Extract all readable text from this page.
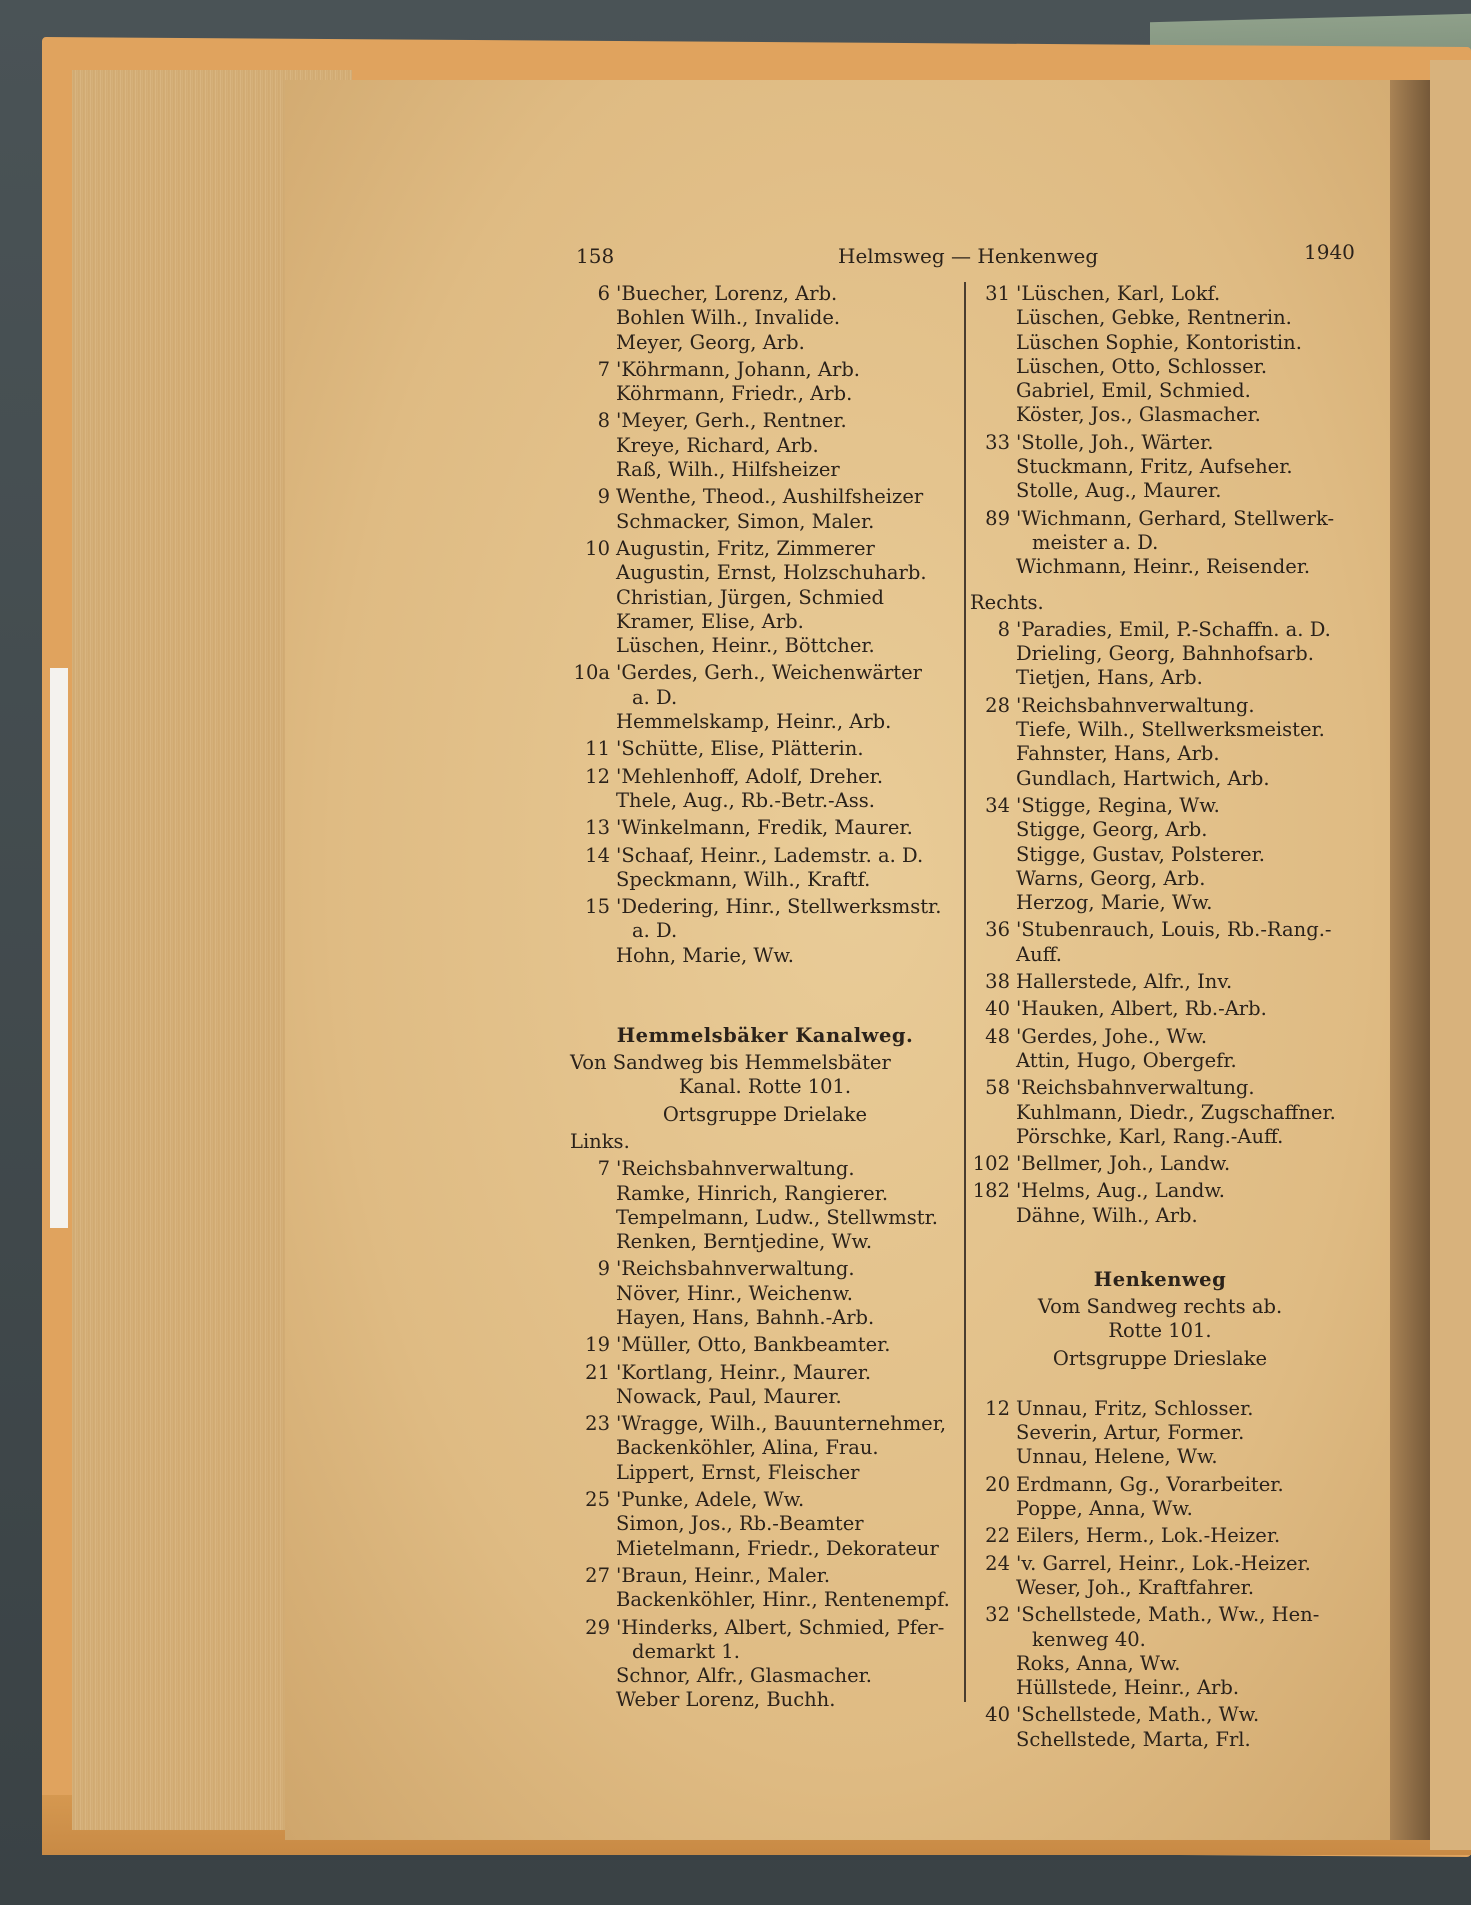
158	Helmsweg — Henkenweg	1940
6 'Buecher, Lorenz, Arb.
Bohlen Wilh., Invalide.
Meyer, Georg, Arb.
7 'Köhrmann, Johann, Arb.
Köhrmann, Friedr., Arb.
8 'Meyer, Gerh., Rentner.
Kreye, Richard, Arb.
Raß, Wilh., Hilfsheizer
9 Wenthe, Theod., Aushilfsheizer
Schmacker, Simon, Maler.
10 Augustin, Fritz, Zimmerer
Augustin, Ernst, Holzschuharb.
Christian, Jürgen, Schmied
Kramer, Elise, Arb.
Lüschen, Heinr., Böttcher.
10a 'Gerdes, Gerh., Weichenwärter
a. D.
Hemmelskamp, Heinr., Arb.
11 'Schütte, Elise, Plätterin.
12 'Mehlenhoff, Adolf, Dreher.
Thele, Aug., Rb.-Betr.-Ass.
13 'Winkelmann, Fredik, Maurer.
14 'Schaaf, Heinr., Lademstr. a. D.
Speckmann, Wilh., Kraftf.
15 'Dedering, Hinr., Stellwerksmstr.
a. D.
Hohn, Marie, Ww.
Hemmelsbäker Kanalweg.
Von Sandweg bis Hemmelsbäter
Kanal. Rotte 101.
Ortsgruppe Drielake
Links.
7 'Reichsbahnverwaltung.
Ramke, Hinrich, Rangierer.
Tempelmann, Ludw., Stellwmstr.
Renken, Berntjedine, Ww.
9 'Reichsbahnverwaltung.
Növer, Hinr., Weichenw.
Hayen, Hans, Bahnh.-Arb.
19 'Müller, Otto, Bankbeamter.
21 'Kortlang, Heinr., Maurer.
Nowack, Paul, Maurer.
23 'Wragge, Wilh., Bauunternehmer,
Backenköhler, Alina, Frau.
Lippert, Ernst, Fleischer
25 'Punke, Adele, Ww.
Simon, Jos., Rb.-Beamter
Mietelmann, Friedr., Dekorateur
27 'Braun, Heinr., Maler.
Backenköhler, Hinr., Rentenempf.
29 'Hinderks, Albert, Schmied, Pfer-
demarkt 1.
Schnor, Alfr., Glasmacher.
Weber Lorenz, Buchh.
31 'Lüschen, Karl, Lokf.
Lüschen, Gebke, Rentnerin.
Lüschen Sophie, Kontoristin.
Lüschen, Otto, Schlosser.
Gabriel, Emil, Schmied.
Köster, Jos., Glasmacher.
33 'Stolle, Joh., Wärter.
Stuckmann, Fritz, Aufseher.
Stolle, Aug., Maurer.
89 'Wichmann, Gerhard, Stellwerk-
meister a. D.
Wichmann, Heinr., Reisender.
Rechts.
8 'Paradies, Emil, P.-Schaffn. a. D.
Drieling, Georg, Bahnhofsarb.
Tietjen, Hans, Arb.
28 'Reichsbahnverwaltung.
Tiefe, Wilh., Stellwerksmeister.
Fahnster, Hans, Arb.
Gundlach, Hartwich, Arb.
34 'Stigge, Regina, Ww.
Stigge, Georg, Arb.
Stigge, Gustav, Polsterer.
Warns, Georg, Arb.
Herzog, Marie, Ww.
36 'Stubenrauch, Louis, Rb.-Rang.-
Auff.
38 Hallerstede, Alfr., Inv.
40 'Hauken, Albert, Rb.-Arb.
48 'Gerdes, Johe., Ww.
Attin, Hugo, Obergefr.
58 'Reichsbahnverwaltung.
Kuhlmann, Diedr., Zugschaffner.
Pörschke, Karl, Rang.-Auff.
102 'Bellmer, Joh., Landw.
182 'Helms, Aug., Landw.
Dähne, Wilh., Arb.
Henkenweg
Vom Sandweg rechts ab.
Rotte 101.
Ortsgruppe Drieslake
12 Unnau, Fritz, Schlosser.
Severin, Artur, Former.
Unnau, Helene, Ww.
20 Erdmann, Gg., Vorarbeiter.
Poppe, Anna, Ww.
22 Eilers, Herm., Lok.-Heizer.
24 'v. Garrel, Heinr., Lok.-Heizer.
Weser, Joh., Kraftfahrer.
32 'Schellstede, Math., Ww., Hen-
kenweg 40.
Roks, Anna, Ww.
Hüllstede, Heinr., Arb.
40 'Schellstede, Math., Ww.
Schellstede, Marta, Frl.
